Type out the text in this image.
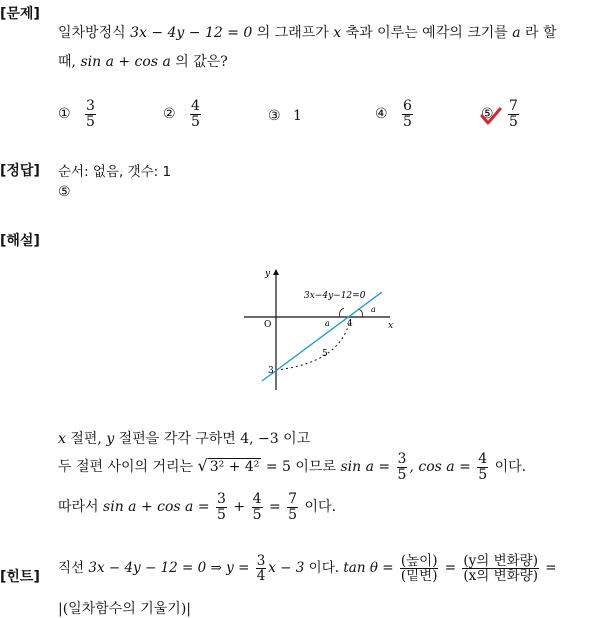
[문제]
일차방정식 3x − 4y − 12 = 0 의 그래프가 x 축과 이루는 예각의 크기를 a 라 할
때, sin a + cos a 의 값은?
① $\frac{3}{5}$	② $\frac{4}{5}$	③ 1	④ $\frac{6}{5}$	⑤ $\frac{7}{5}$
[정답] 순서: 없음, 갯수: 1
⑤
[해설]
y
x
O
3x−4y−12=0
a
a 4
3
5
x 절편, y 절편을 각각 구하면 4, −3 이고
두 절편 사이의 거리는 √ 3² + 4² = 5 이므로 $\sin a = \frac{3}{5}$ , $\cos a = \frac{4}{5}$ 이다.
따라서 $\sin a + \cos a = \frac{3}{5} + \frac{4}{5} = \frac{7}{5}$ 이다.
[힌트]
직선 3x − 4y − 12 = 0 ⇒ $y = \frac{3}{4}$ x − 3 이다. $\tan \theta = \frac{\text{(높이)}}{\text{(밑변)}} = \frac{\text{(y의 변화량)}}{\text{(x의 변화량)}}$ =
|(일차함수의 기울기)|
